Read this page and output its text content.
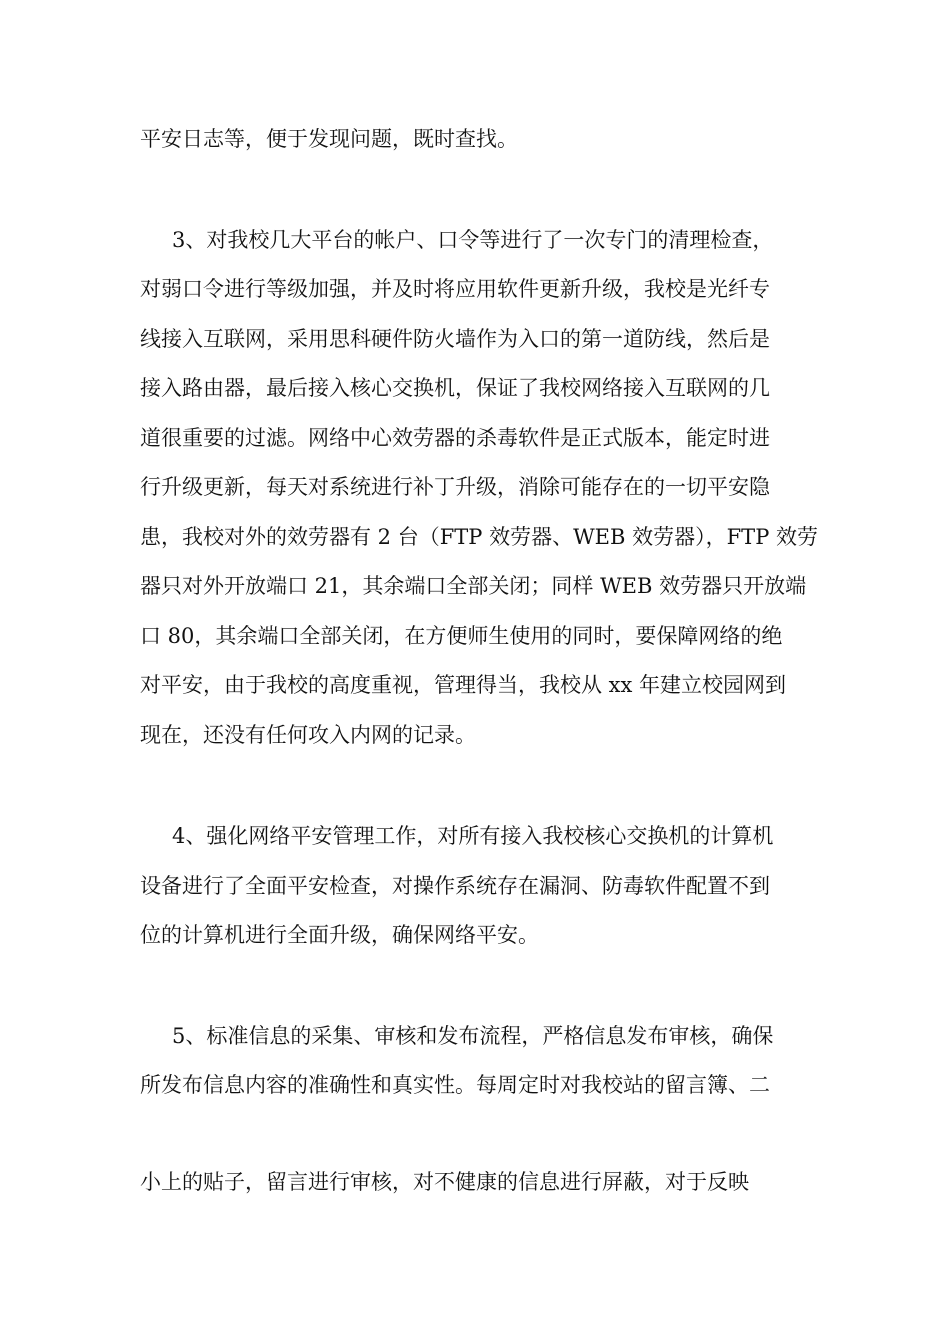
平安日志等，便于发现问题，既时查找。
3、对我校几大平台的帐户、口令等进行了一次专门的清理检查，
对弱口令进行等级加强，并及时将应用软件更新升级，我校是光纤专
线接入互联网，采用思科硬件防火墙作为入口的第一道防线，然后是
接入路由器，最后接入核心交换机，保证了我校网络接入互联网的几
道很重要的过滤。网络中心效劳器的杀毒软件是正式版本，能定时进
行升级更新，每天对系统进行补丁升级，消除可能存在的一切平安隐
患，我校对外的效劳器有 2 台（FTP 效劳器、WEB 效劳器），FTP 效劳
器只对外开放端口 21，其余端口全部关闭；同样 WEB 效劳器只开放端
口 80，其余端口全部关闭，在方便师生使用的同时，要保障网络的绝
对平安，由于我校的高度重视，管理得当，我校从 xx 年建立校园网到
现在，还没有任何攻入内网的记录。
4、强化网络平安管理工作，对所有接入我校核心交换机的计算机
设备进行了全面平安检查，对操作系统存在漏洞、防毒软件配置不到
位的计算机进行全面升级，确保网络平安。
5、标准信息的采集、审核和发布流程，严格信息发布审核，确保
所发布信息内容的准确性和真实性。每周定时对我校站的留言簿、二
小上的贴子，留言进行审核，对不健康的信息进行屏蔽，对于反映
